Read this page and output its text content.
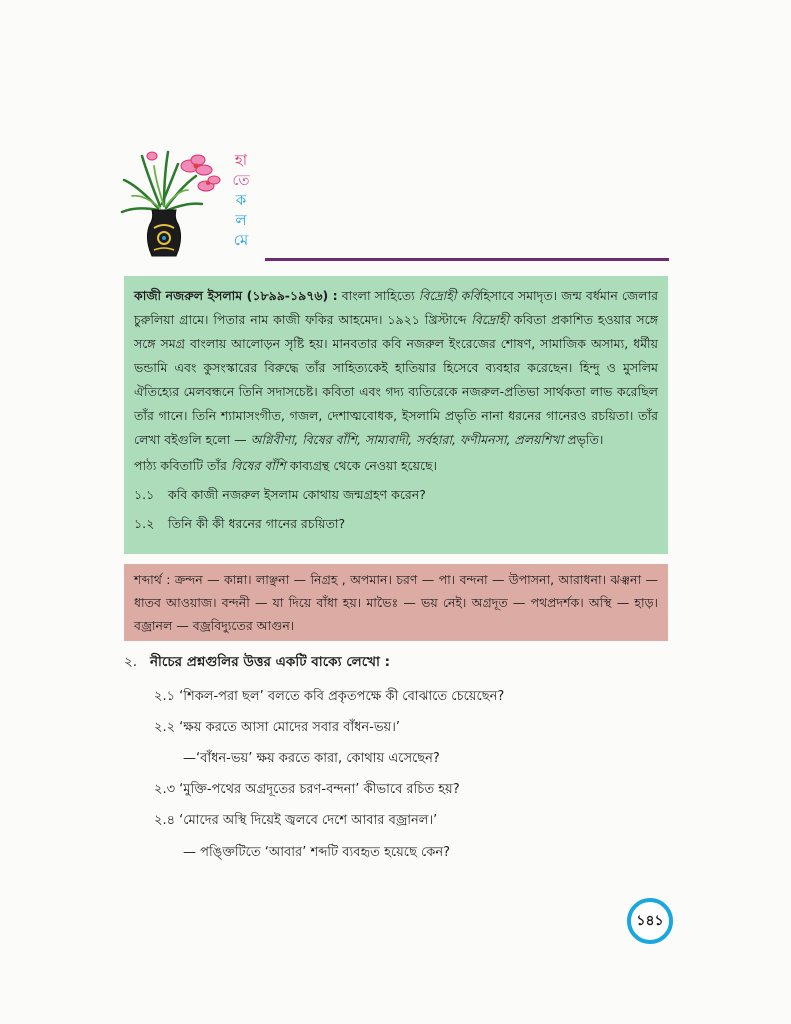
হা
তে
ক
ল
মে

কাজী নজরুল ইসলাম (১৮৯৯-১৯৭৬) : বাংলা সাহিত্যে বিদ্রোহী কবিহিসাবে সমাদৃত। জন্ম বর্ধমান জেলার চুরুলিয়া গ্রামে। পিতার নাম কাজী ফকির আহমেদ। ১৯২১ খ্রিস্টাব্দে বিদ্রোহী কবিতা প্রকাশিত হওয়ার সঙ্গে সঙ্গে সমগ্র বাংলায় আলোড়ন সৃষ্টি হয়। মানবতার কবি নজরুল ইংরেজের শোষণ, সামাজিক অসাম্য, ধর্মীয় ভন্ডামি এবং কুসংস্কারের বিরুদ্ধে তাঁর সাহিত্যকেই হাতিয়ার হিসেবে ব্যবহার করেছেন। হিন্দু ও মুসলিম ঐতিহ্যের মেলবন্ধনে তিনি সদাসচেষ্ট। কবিতা এবং গদ্য ব্যতিরেকে নজরুল-প্রতিভা সার্থকতা লাভ করেছিল তাঁর গানে। তিনি শ্যামাসংগীত, গজল, দেশাত্মবোধক, ইসলামি প্রভৃতি নানা ধরনের গানেরও রচয়িতা। তাঁর লেখা বইগুলি হলো — অগ্নিবীণা, বিষের বাঁশি, সাম্যবাদী, সর্বহারা, ফণীমনসা, প্রলয়শিখা প্রভৃতি।

পাঠ্য কবিতাটি তাঁর বিষের বাঁশি কাব্যগ্রন্থ থেকে নেওয়া হয়েছে।

১.১	কবি কাজী নজরুল ইসলাম কোথায় জন্মগ্রহণ করেন?

১.২	তিনি কী কী ধরনের গানের রচয়িতা?

শব্দার্থ : ক্রন্দন — কান্না। লাঞ্ছনা — নিগ্রহ , অপমান। চরণ — পা। বন্দনা — উপাসনা, আরাধনা। ঝঞ্ঝনা — ধাতব আওয়াজ। বন্দনী — যা দিয়ে বাঁধা হয়। মাভৈঃ — ভয় নেই। অগ্রদূত — পথপ্রদর্শক। অস্থি — হাড়। বজ্রানল — বজ্রবিদ্যুতের আগুন।

২. নীচের প্রশ্নগুলির উত্তর একটি বাক্যে লেখো :
২.১ ‘শিকল-পরা ছল’ বলতে কবি প্রকৃতপক্ষে কী বোঝাতে চেয়েছেন?
২.২ ‘ক্ষয় করতে আসা মোদের সবার বাঁধন-ভয়।’
—‘বাঁধন-ভয়’ ক্ষয় করতে কারা, কোথায় এসেছেন?
২.৩ ‘মুক্তি-পথের অগ্রদূতের চরণ-বন্দনা’ কীভাবে রচিত হয়?
২.৪ ‘মোদের অস্থি দিয়েই জ্বলবে দেশে আবার বজ্রানল।’
— পঙ্ক্তিটিতে ‘আবার’ শব্দটি ব্যবহৃত হয়েছে কেন?
১৪১
